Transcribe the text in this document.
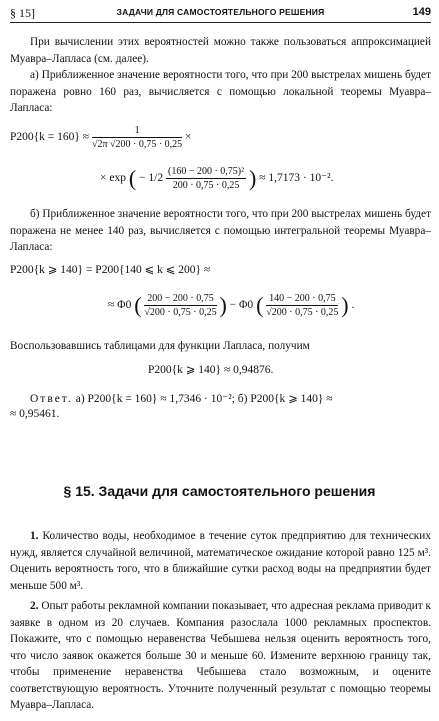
§ 15]	ЗАДАЧИ ДЛЯ САМОСТОЯТЕЛЬНОГО РЕШЕНИЯ	149

При вычислении этих вероятностей можно также пользоваться аппроксимацией Муавра–Лапласа (см. далее).

а) Приближенное значение вероятности того, что при 200 выстрелах мишень будет поражена ровно 160 раз, вычисляется с помощью локальной теоремы Муавра–Лапласа:

$P200\{k = 160\} \approx \frac{1}{√2\pi √200 \cdot 0,75 \cdot 0,25}$ ×
× exp ( − $1/2 \frac{\text{(160 − 200 · 0,75)²}}{200 \cdot 0,75 \cdot 0,25}$ ) ≈ 1,7173 · 10⁻².

б) Приближенное значение вероятности того, что при 200 выстрелах мишень будет поражена не менее 140 раз, вычисляется с помощью интегральной теоремы Муавра–Лапласа:

P200{k ⩾ 140} = P200{140 ⩽ k ⩽ 200} ≈
≈ Φ0 ( $\frac{200 - 200 \cdot 0,75}{√200 \cdot 0,75 \cdot 0,25}$ ) − Φ0 ( $\frac{140 - 200 \cdot 0,75}{√200 \cdot 0,75 \cdot 0,25}$ ) .

Воспользовавшись таблицами для функции Лапласа, получим

P200{k ⩾ 140} ≈ 0,94876.
Ответ. а) P200{k = 160} ≈ 1,7346 · 10⁻²; б) P200{k ⩾ 140} ≈
≈ 0,95461.
§ 15. Задачи для самостоятельного решения

1. Количество воды, необходимое в течение суток предприятию для технических нужд, является случайной величиной, математическое ожидание которой равно 125 м³. Оценить вероятность того, что в ближайшие сутки расход воды на предприятии будет меньше 500 м³.

2. Опыт работы рекламной компании показывает, что адресная реклама приводит к заявке в одном из 20 случаев. Компания разослала 1000 рекламных проспектов. Покажите, что с помощью неравенства Чебышева нельзя оценить вероятность того, что число заявок окажется больше 30 и меньше 60. Измените верхнюю границу так, чтобы применение неравенства Чебышева стало возможным, и оцените соответствующую вероятность. Уточните полученный результат с помощью теоремы Муавра–Лапласа.
